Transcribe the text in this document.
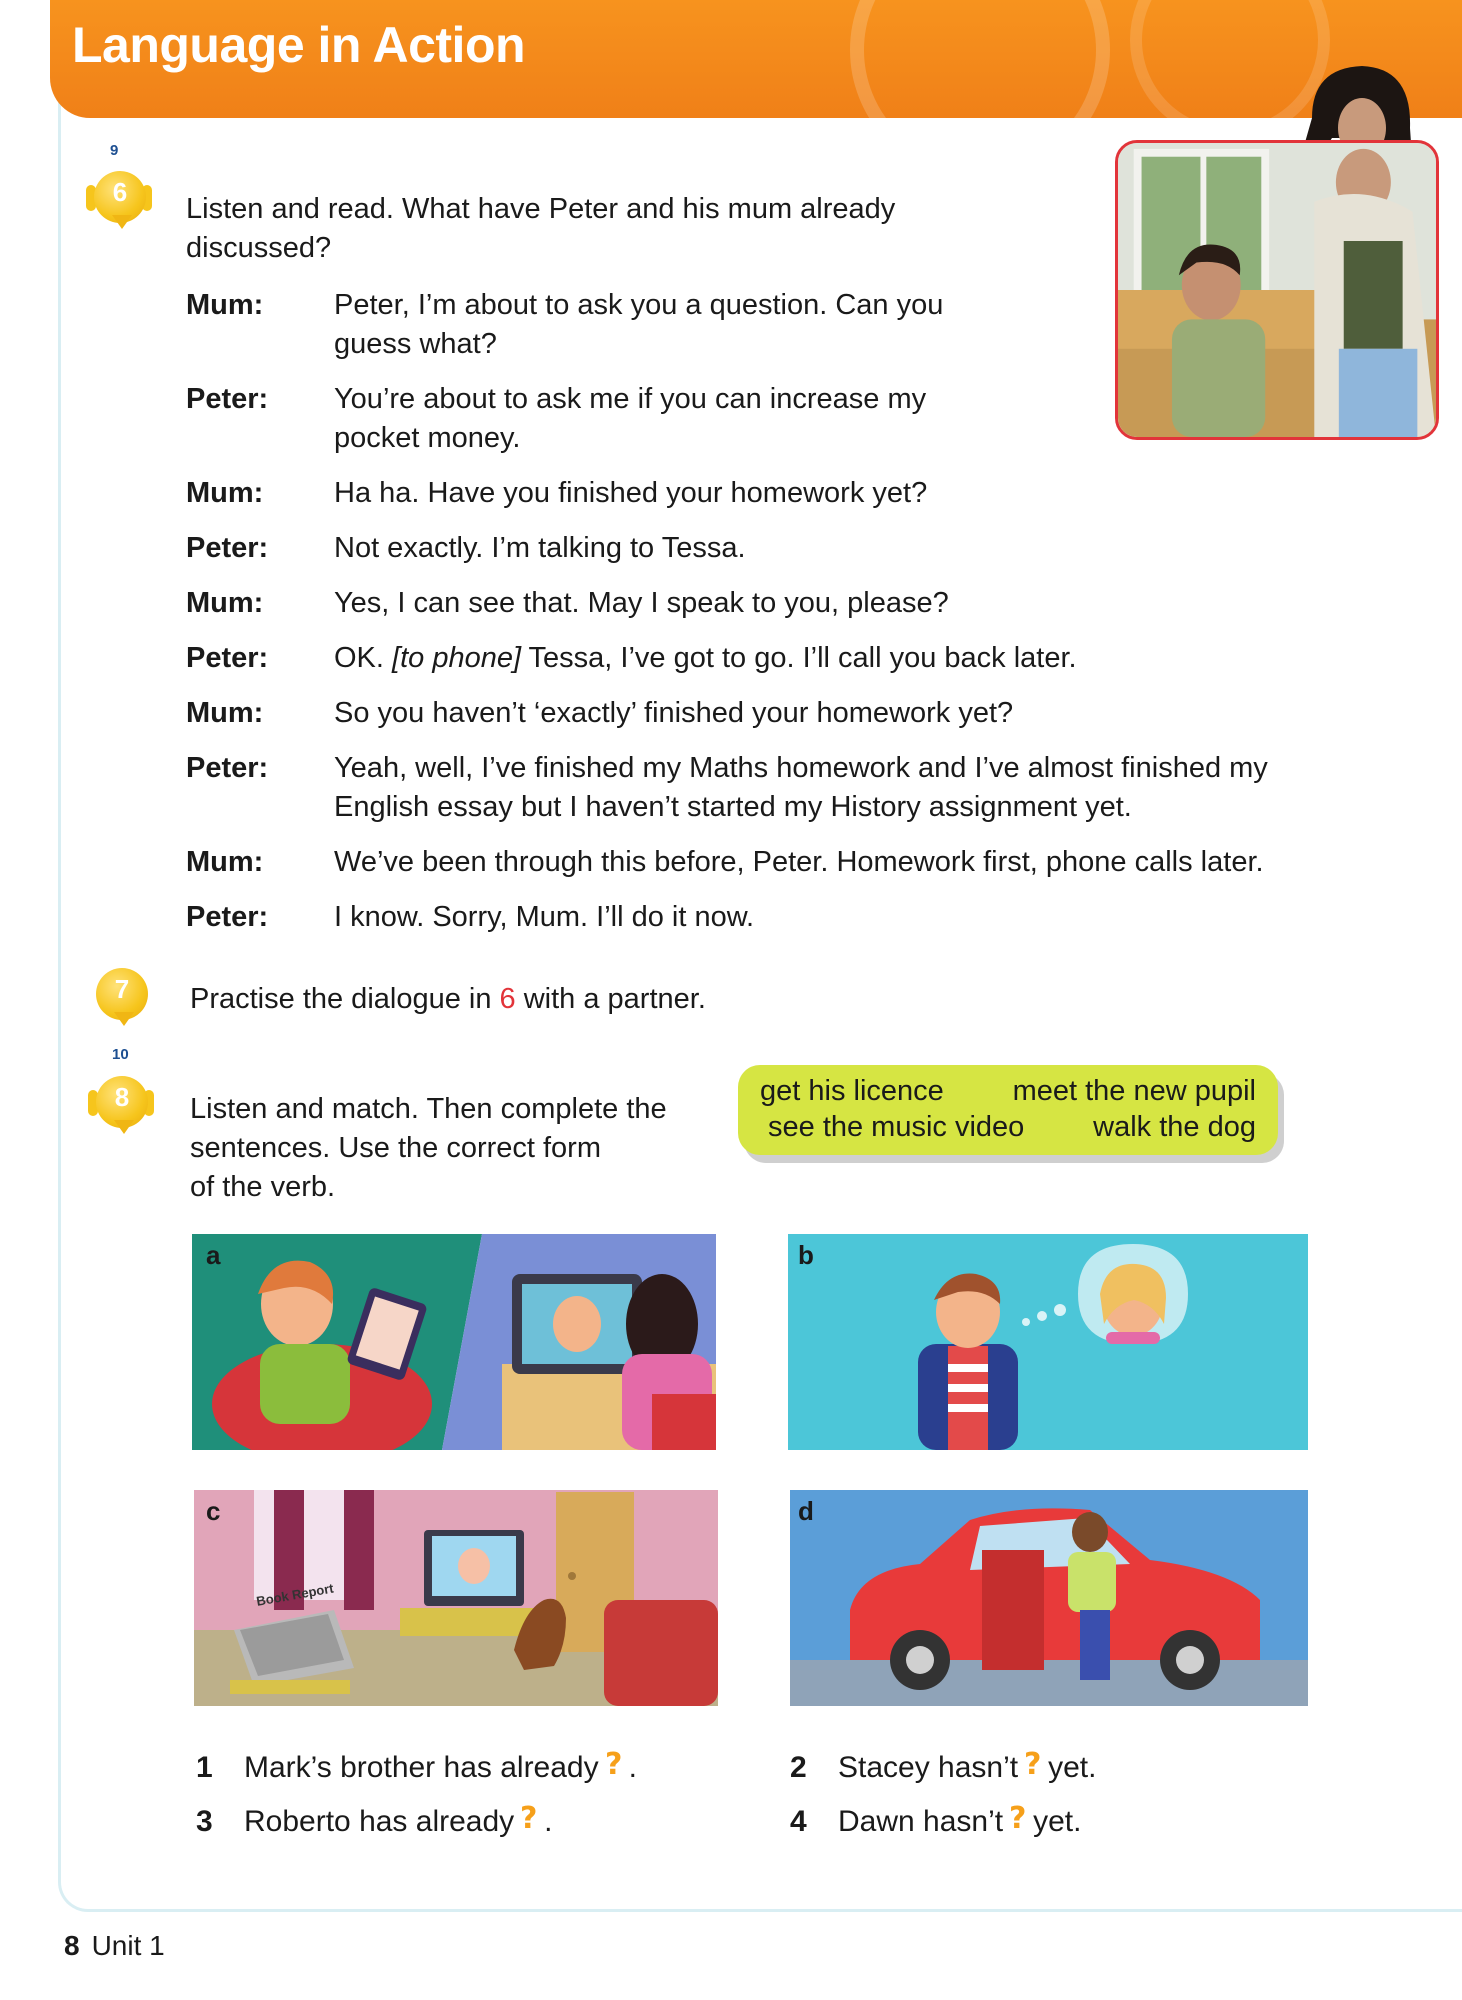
Language in Action
9
6
Listen and read. What have Peter and his mum already
discussed?
Mum:	Peter, I’m about to ask you a question. Can you
guess what?
Peter:	You’re about to ask me if you can increase my
pocket money.
Mum:	Ha ha. Have you finished your homework yet?
Peter:	Not exactly. I’m talking to Tessa.
Mum:	Yes, I can see that. May I speak to you, please?
Peter:	OK. [to phone] Tessa, I’ve got to go. I’ll call you back later.
Mum:	So you haven’t ‘exactly’ finished your homework yet?
Peter:	Yeah, well, I’ve finished my Maths homework and I’ve almost finished my
English essay but I haven’t started my History assignment yet.
Mum:	We’ve been through this before, Peter. Homework first, phone calls later.
Peter:	I know. Sorry, Mum. I’ll do it now.
7	Practise the dialogue in 6 with a partner.
10
8	Listen and match. Then complete the
sentences. Use the correct form
of the verb.
get his licence meet the new pupil
see the music video walk the dog
a	b
Book Report
c	d
1	Mark’s brother has already ? .	2	Stacey hasn’t ? yet.
3	Roberto has already ? .	4	Dawn hasn’t ? yet.
8 Unit 1
